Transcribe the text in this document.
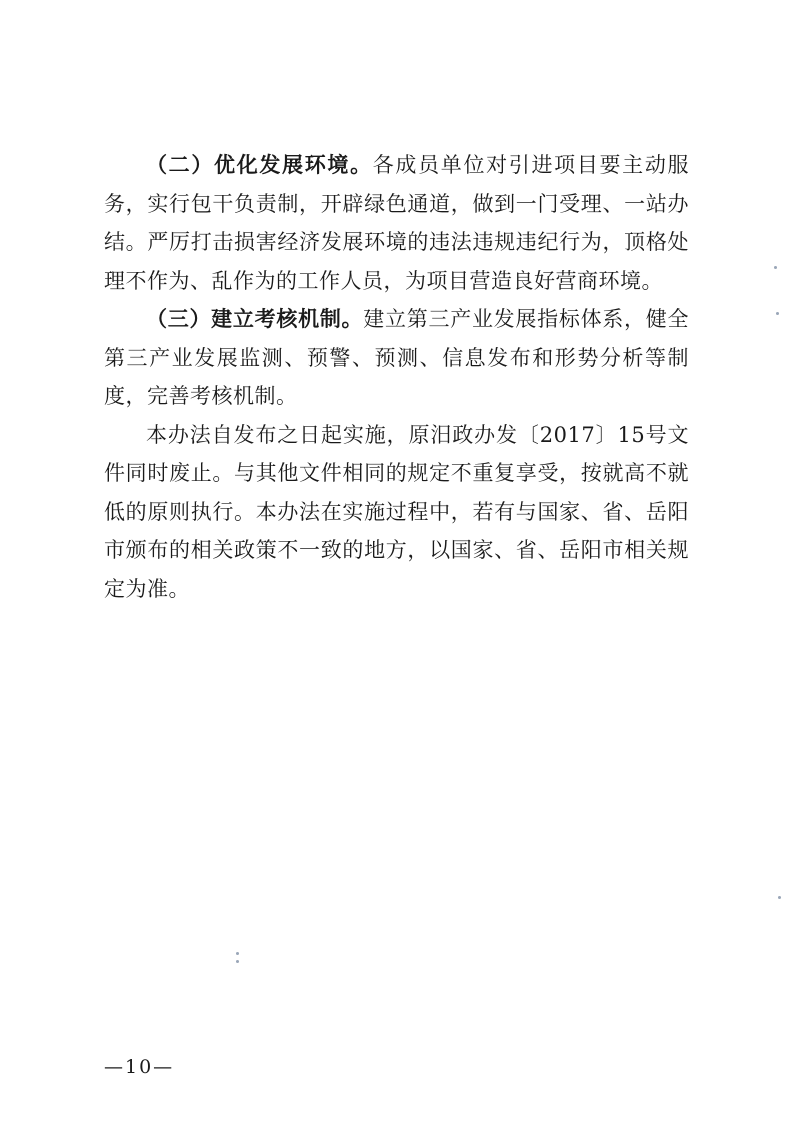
（二）优化发展环境。各成员单位对引进项目要主动服务，实行包干负责制，开辟绿色通道，做到一门受理、一站办结。严厉打击损害经济发展环境的违法违规违纪行为，顶格处理不作为、乱作为的工作人员，为项目营造良好营商环境。

（三）建立考核机制。建立第三产业发展指标体系，健全第三产业发展监测、预警、预测、信息发布和形势分析等制度，完善考核机制。

本办法自发布之日起实施，原汨政办发〔2017〕15号文件同时废止。与其他文件相同的规定不重复享受，按就高不就低的原则执行。本办法在实施过程中，若有与国家、省、岳阳市颁布的相关政策不一致的地方，以国家、省、岳阳市相关规定为准。

—10—
